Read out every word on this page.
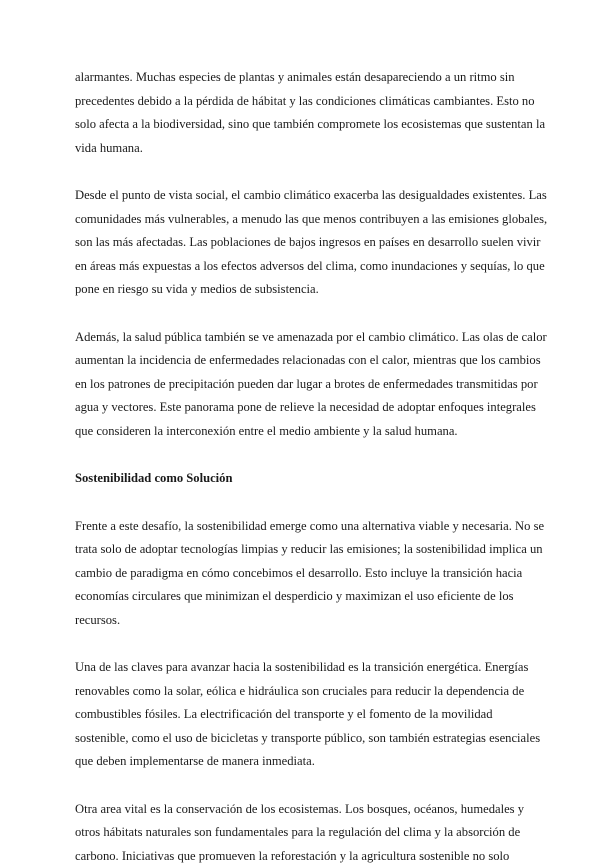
alarmantes. Muchas especies de plantas y animales están desapareciendo a un ritmo sin
precedentes debido a la pérdida de hábitat y las condiciones climáticas cambiantes. Esto no
solo afecta a la biodiversidad, sino que también compromete los ecosistemas que sustentan la
vida humana.

Desde el punto de vista social, el cambio climático exacerba las desigualdades existentes. Las
comunidades más vulnerables, a menudo las que menos contribuyen a las emisiones globales,
son las más afectadas. Las poblaciones de bajos ingresos en países en desarrollo suelen vivir
en áreas más expuestas a los efectos adversos del clima, como inundaciones y sequías, lo que
pone en riesgo su vida y medios de subsistencia.

Además, la salud pública también se ve amenazada por el cambio climático. Las olas de calor
aumentan la incidencia de enfermedades relacionadas con el calor, mientras que los cambios
en los patrones de precipitación pueden dar lugar a brotes de enfermedades transmitidas por
agua y vectores. Este panorama pone de relieve la necesidad de adoptar enfoques integrales
que consideren la interconexión entre el medio ambiente y la salud humana.

Sostenibilidad como Solución

Frente a este desafío, la sostenibilidad emerge como una alternativa viable y necesaria. No se
trata solo de adoptar tecnologías limpias y reducir las emisiones; la sostenibilidad implica un
cambio de paradigma en cómo concebimos el desarrollo. Esto incluye la transición hacia
economías circulares que minimizan el desperdicio y maximizan el uso eficiente de los
recursos.

Una de las claves para avanzar hacia la sostenibilidad es la transición energética. Energías
renovables como la solar, eólica e hidráulica son cruciales para reducir la dependencia de
combustibles fósiles. La electrificación del transporte y el fomento de la movilidad
sostenible, como el uso de bicicletas y transporte público, son también estrategias esenciales
que deben implementarse de manera inmediata.

Otra area vital es la conservación de los ecosistemas. Los bosques, océanos, humedales y
otros hábitats naturales son fundamentales para la regulación del clima y la absorción de
carbono. Iniciativas que promueven la reforestación y la agricultura sostenible no solo
